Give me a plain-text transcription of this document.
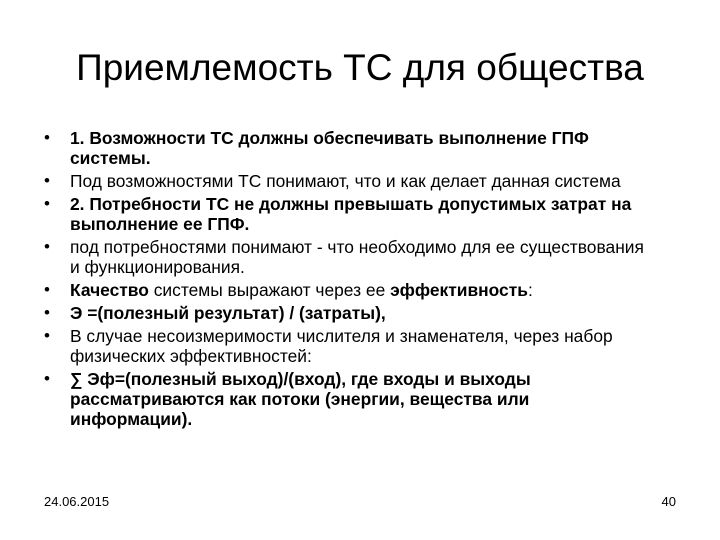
Приемлемость ТС для общества
• 1. Возможности ТС должны обеспечивать выполнение ГПФ системы.
• Под возможностями ТС понимают, что и как делает данная система
• 2. Потребности ТС не должны превышать допустимых затрат на выполнение ее ГПФ.
• под потребностями понимают - что необходимо для ее существования и функционирования.
• Качество системы выражают через ее эффективность:
• Э =(полезный результат) / (затраты),
• В случае несоизмеримости числителя и знаменателя, через набор физических эффективностей:
• ∑ Эф=(полезный выход)/(вход), где входы и выходы рассматриваются как потоки (энергии, вещества или информации).
24.06.2015	40
